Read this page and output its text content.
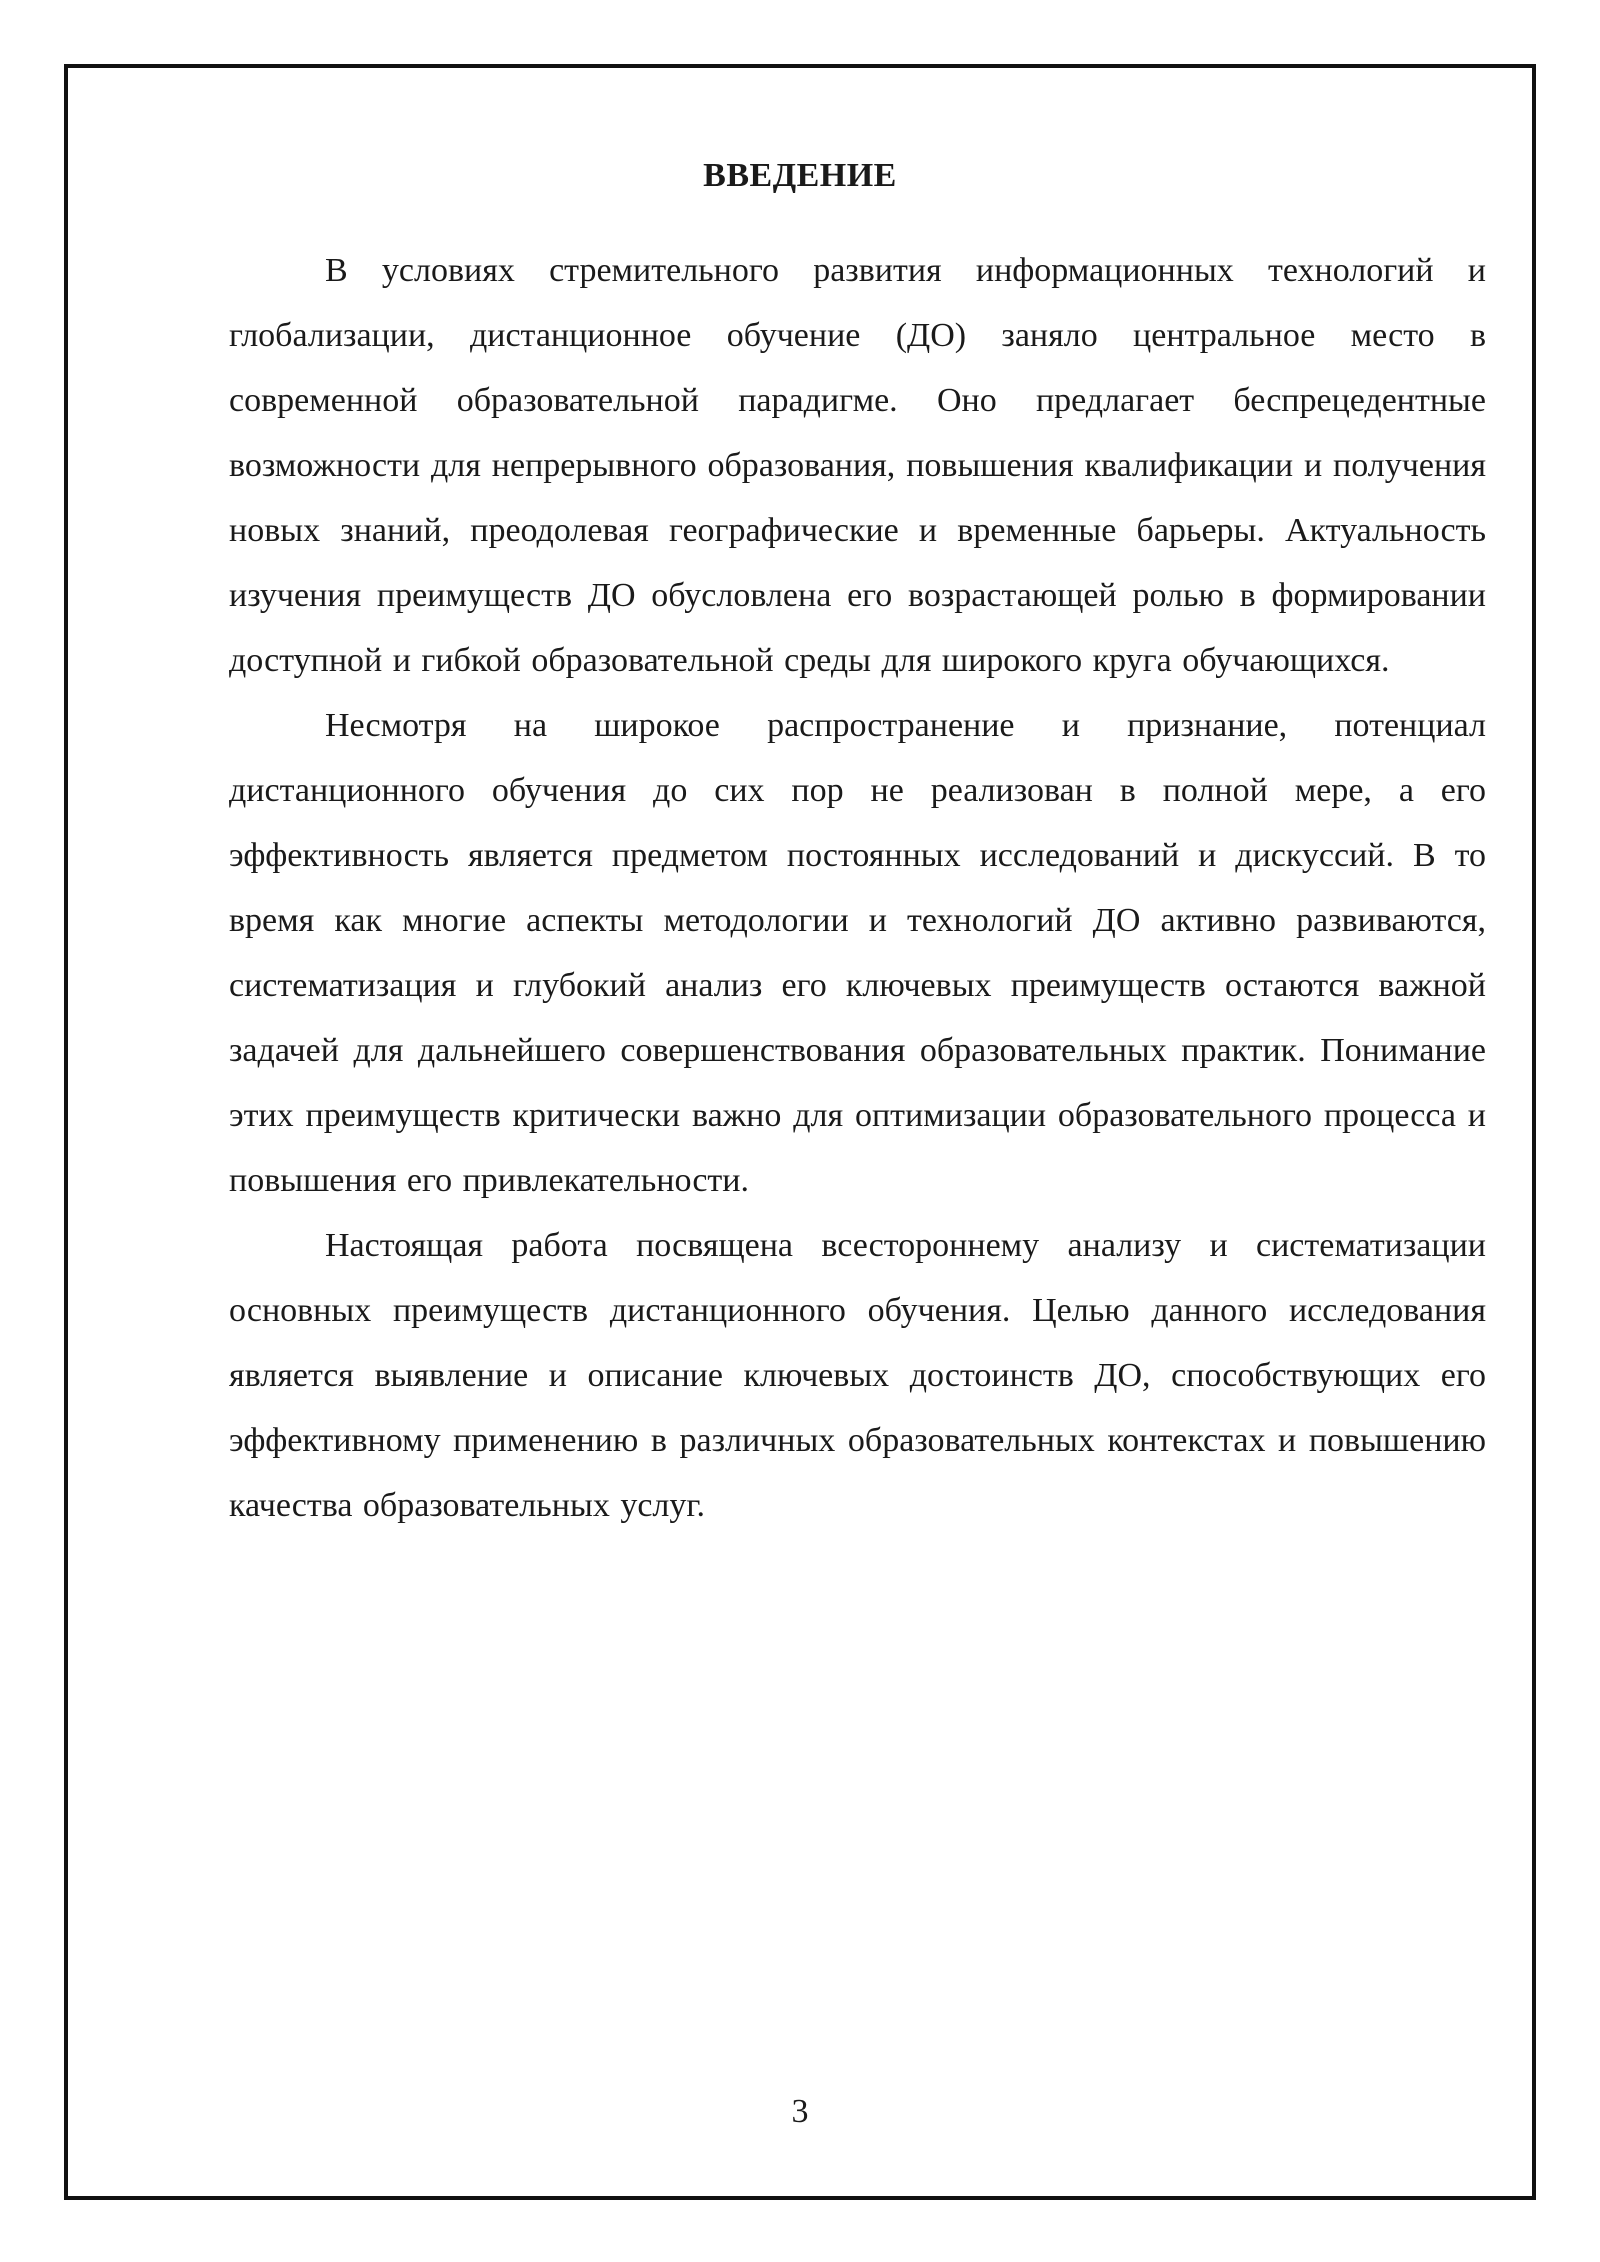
ВВЕДЕНИЕ

В условиях стремительного развития информационных технологий и глобализации, дистанционное обучение (ДО) заняло центральное место в современной образовательной парадигме. Оно предлагает беспрецедентные возможности для непрерывного образования, повышения квалификации и получения новых знаний, преодолевая географические и временные барьеры. Актуальность изучения преимуществ ДО обусловлена его возрастающей ролью в формировании доступной и гибкой образовательной среды для широкого круга обучающихся.

Несмотря на широкое распространение и признание, потенциал дистанционного обучения до сих пор не реализован в полной мере, а его эффективность является предметом постоянных исследований и дискуссий. В то время как многие аспекты методологии и технологий ДО активно развиваются, систематизация и глубокий анализ его ключевых преимуществ остаются важной задачей для дальнейшего совершенствования образовательных практик. Понимание этих преимуществ критически важно для оптимизации образовательного процесса и повышения его привлекательности.

Настоящая работа посвящена всестороннему анализу и систематизации основных преимуществ дистанционного обучения. Целью данного исследования является выявление и описание ключевых достоинств ДО, способствующих его эффективному применению в различных образовательных контекстах и повышению качества образовательных услуг.

3
